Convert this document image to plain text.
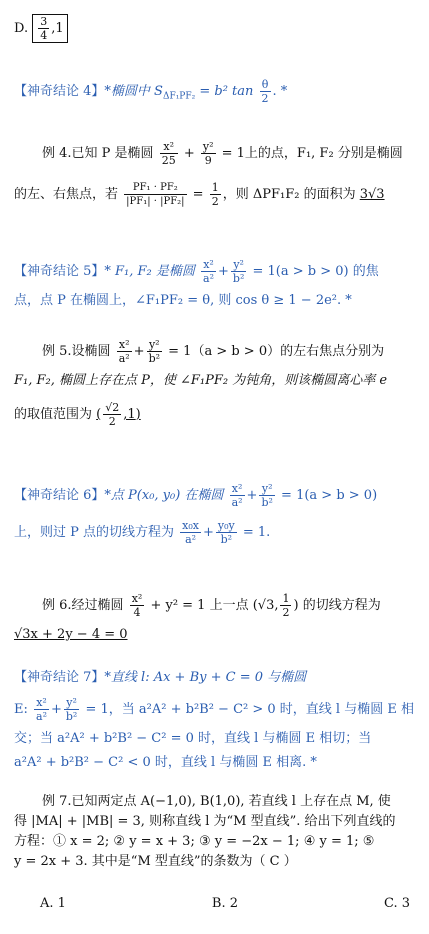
D. $\frac{3}{4} ,1$
【神奇结论 4】*椭圆中 $S_{\Delta F_1PF_2} = b^2$ $\tan \frac{\theta}{2}$ . *
例 4.已知 P 是椭圆 $\frac{\text{x²}}{25} + \frac{\text{y²}}{9} = 1$上的点，F₁, F₂ 分别是椭圆
的左、右焦点，若 $\frac{\text{PF₁ · PF₂}}{\text{|PF₁| · |PF₂|}} = \frac{1}{2}$ ，则 ΔPF₁F₂ 的面积为 3√3
【神奇结论 5】* F₁, F₂ 是椭圆 $\frac{\text{x²}}{\text{a²}} + \frac{\text{y²}}{\text{b²}} = 1(a > b > 0)$ 的焦
点，点 P 在椭圆上，∠F₁PF₂ = θ, 则 cos θ ≥ 1 − 2e². *
例 5.设椭圆 $\frac{\text{x²}}{\text{a²}} + \frac{\text{y²}}{\text{b²}} = 1(a > b > 0)$的左右焦点分别为
F₁, F₂, 椭圆上存在点 P，使 ∠F₁PF₂ 为钝角，则该椭圆离心率 e
的取值范围为 ( $\frac{√2}{2} ,1$)
【神奇结论 6】*点 P(x₀, y₀) 在椭圆 $\frac{\text{x²}}{\text{a²}} + \frac{\text{y²}}{\text{b²}} = 1(a > b > 0)$
上，则过 P 点的切线方程为 $\frac{\text{x₀x}}{\text{a²}} + \frac{\text{y₀y}}{\text{b²}} = 1$.
例 6.经过椭圆 $\frac{\text{x²}}{4} + y^2 = 1$ 上一点 (√3, $\frac{1}{2}$ ) 的切线方程为
√3x + 2y − 4 = 0
【神奇结论 7】*直线 l: Ax + By + C = 0 与椭圆
E: $\frac{\text{x²}}{\text{a²}} + \frac{\text{y²}}{\text{b²}} = 1$，当 a²A² + b²B² − C² > 0 时，直线 l 与椭圆 E 相
交；当 a²A² + b²B² − C² = 0 时，直线 l 与椭圆 E 相切；当
a²A² + b²B² − C² < 0 时，直线 l 与椭圆 E 相离. *
例 7.已知两定点 A(−1,0), B(1,0), 若直线 l 上存在点 M, 使
得 |MA| + |MB| = 3, 则称直线 l 为“M 型直线”. 给出下列直线的
方程：① x = 2; ② y = x + 3; ③ y = −2x − 1; ④ y = 1; ⑤
y = 2x + 3. 其中是“M 型直线”的条数为（ C ）
A. 1	B. 2	C. 3
